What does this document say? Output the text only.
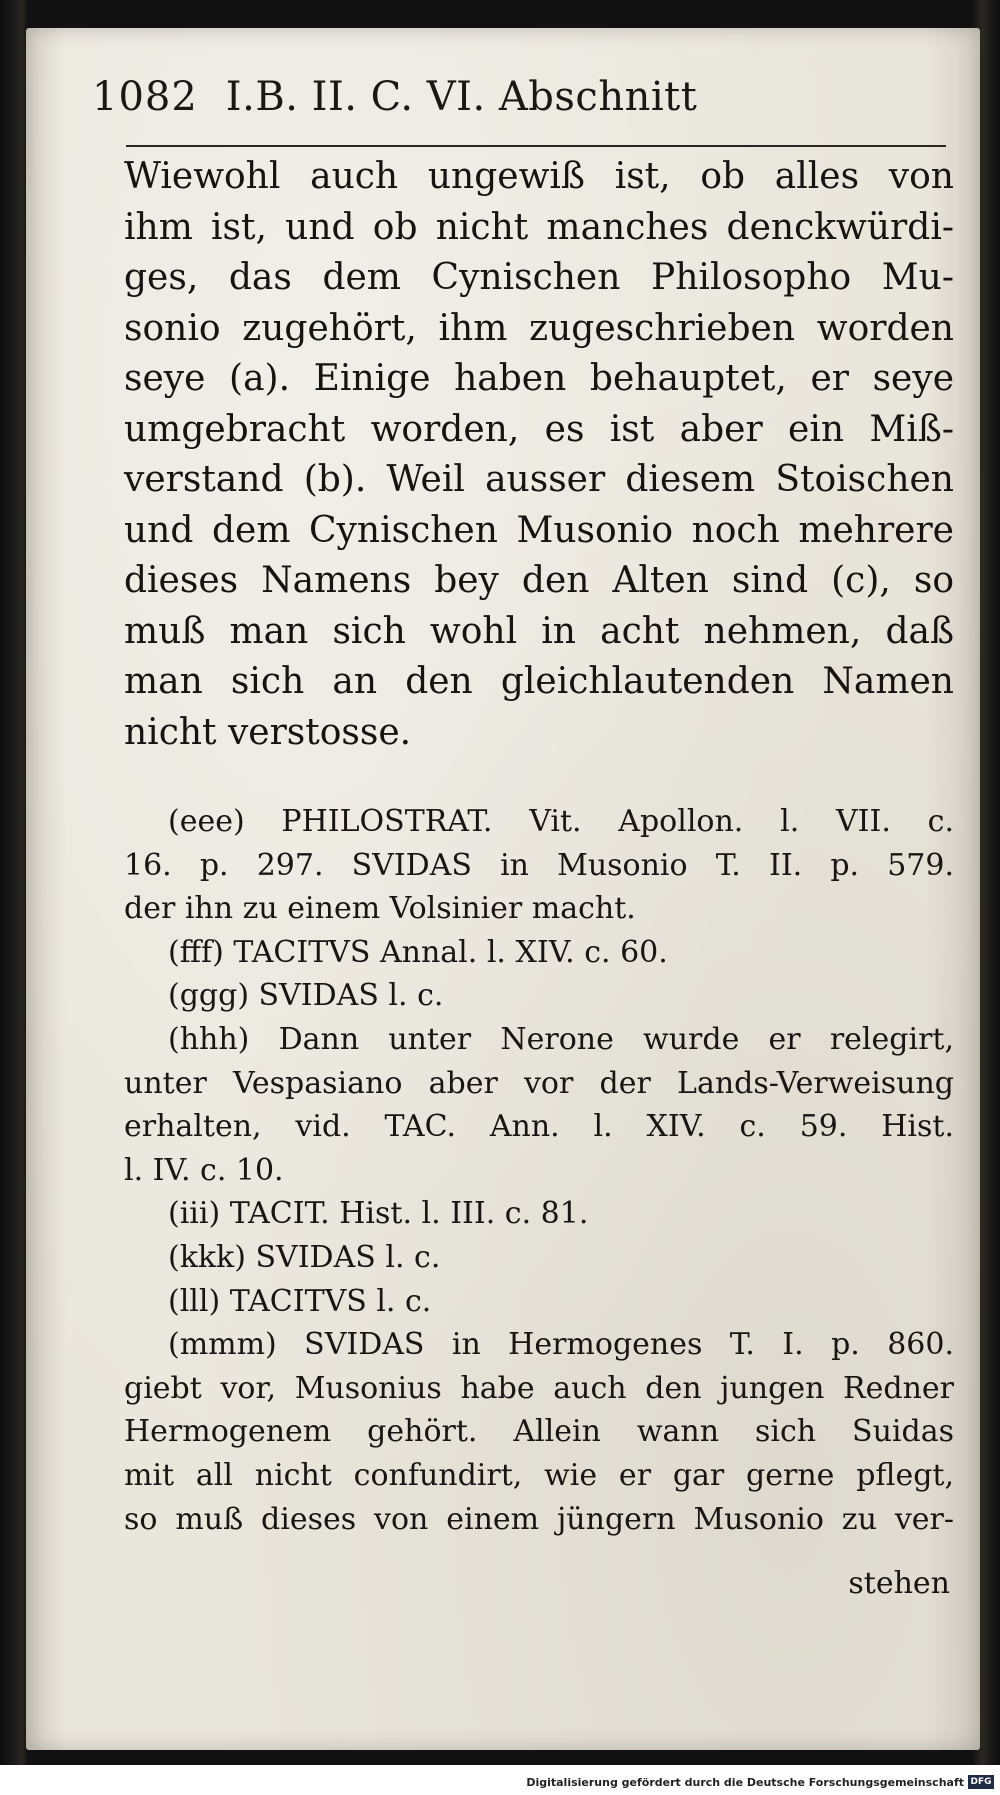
1082 I.B. II. C. VI. Abschnitt
Wiewohl auch ungewiß ist, ob alles von
ihm ist, und ob nicht manches denckwürdi-
ges, das dem Cynischen Philosopho Mu-
sonio zugehört, ihm zugeschrieben worden
seye (a). Einige haben behauptet, er seye
umgebracht worden, es ist aber ein Miß-
verstand (b). Weil ausser diesem Stoischen
und dem Cynischen Musonio noch mehrere
dieses Namens bey den Alten sind (c), so
muß man sich wohl in acht nehmen, daß
man sich an den gleichlautenden Namen
nicht verstosse.

(eee) PHILOSTRAT. Vit. Apollon. l. VII. c.
16. p. 297. SVIDAS in Musonio T. II. p. 579.
der ihn zu einem Volsinier macht.

(fff) TACITVS Annal. l. XIV. c. 60.

(ggg) SVIDAS l. c.

(hhh) Dann unter Nerone wurde er relegirt,
unter Vespasiano aber vor der Lands-Verweisung
erhalten, vid. TAC. Ann. l. XIV. c. 59. Hist.
l. IV. c. 10.

(iii) TACIT. Hist. l. III. c. 81.

(kkk) SVIDAS l. c.

(lll) TACITVS l. c.

(mmm) SVIDAS in Hermogenes T. I. p. 860.
giebt vor, Musonius habe auch den jungen Redner
Hermogenem gehört. Allein wann sich Suidas
mit all nicht confundirt, wie er gar gerne pflegt,
so muß dieses von einem jüngern Musonio zu ver-

stehen
Digitalisierung gefördert durch die Deutsche Forschungsgemeinschaft DFG
